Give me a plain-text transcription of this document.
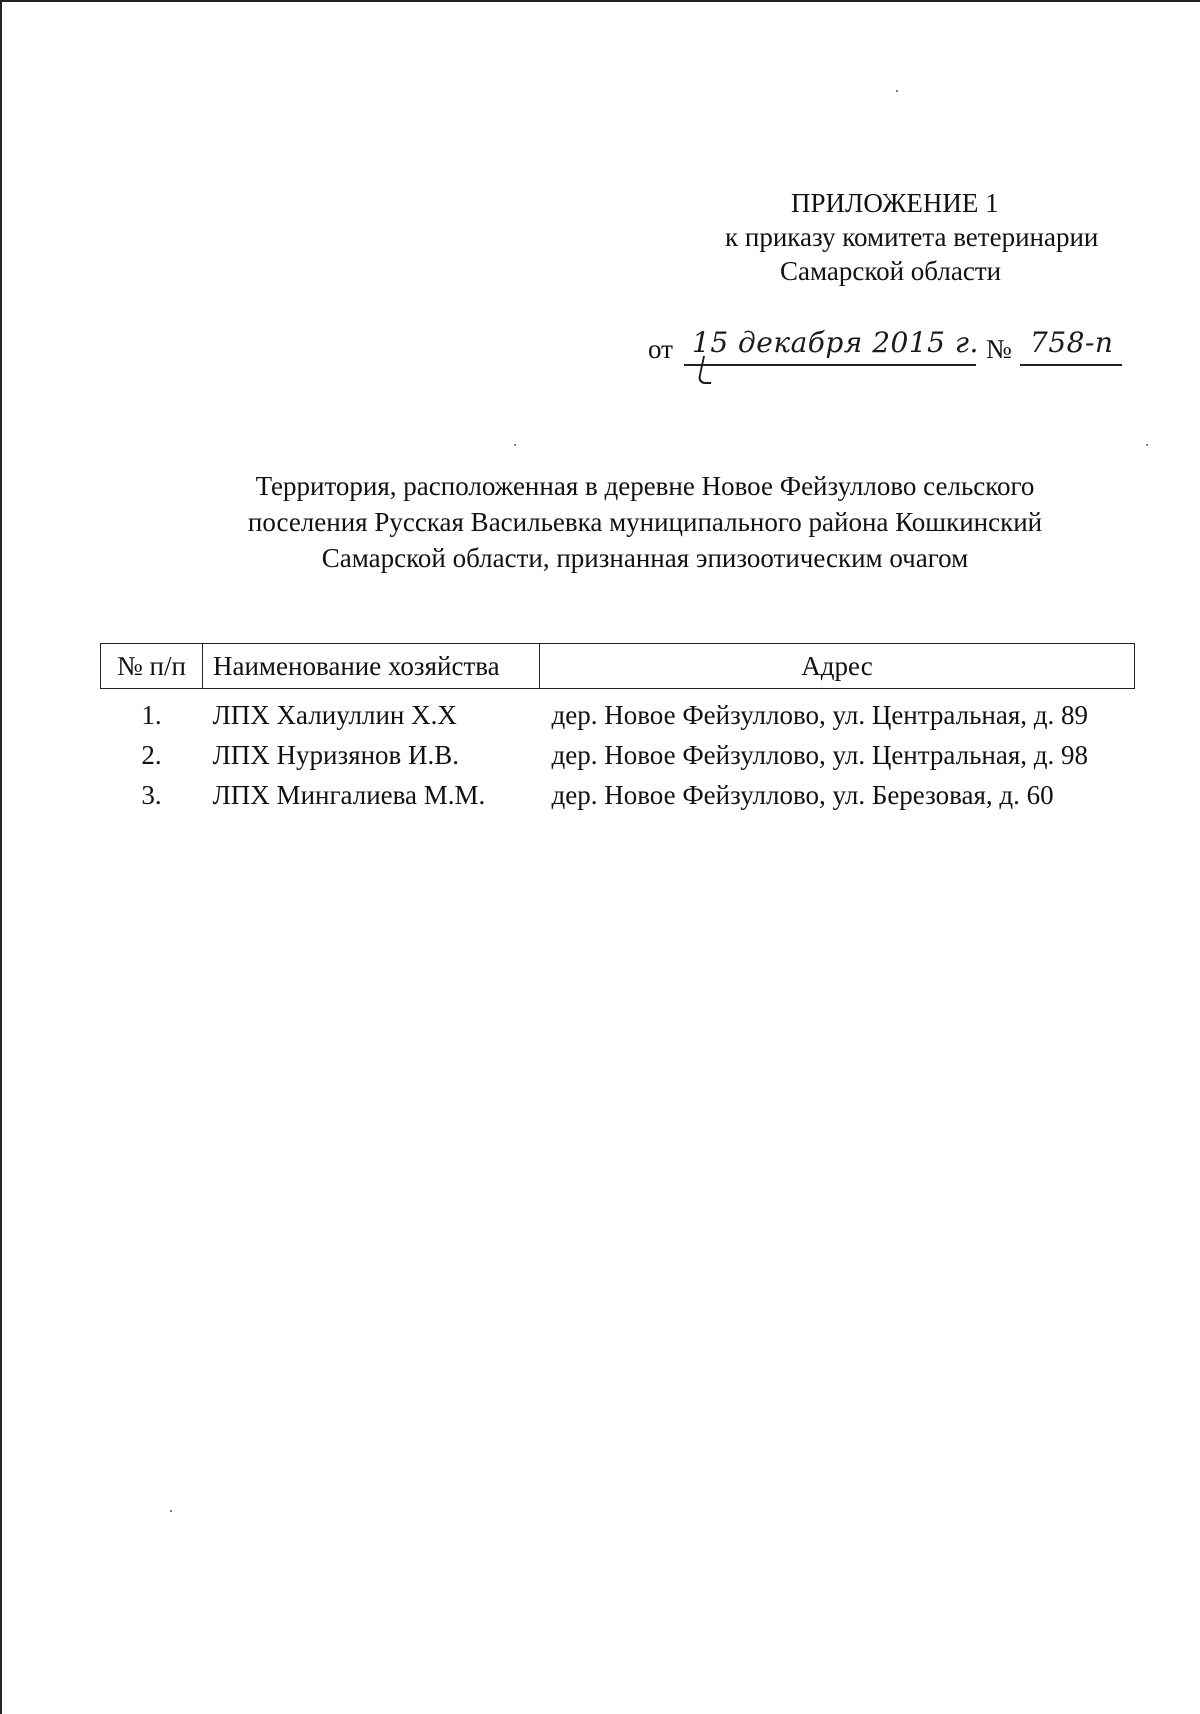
ПРИЛОЖЕНИЕ 1
к приказу комитета ветеринарии
Самарской области
от 15 декабря 2015 г. № 758-п
Территория, расположенная в деревне Новое Фейзуллово сельского
поселения Русская Васильевка муниципального района Кошкинский
Самарской области, признанная эпизоотическим очагом
№ п/п	Наименование хозяйства	Адрес
1.	ЛПХ Халиуллин Х.Х	дер. Новое Фейзуллово, ул. Центральная, д. 89
2.	ЛПХ Нуризянов И.В.	дер. Новое Фейзуллово, ул. Центральная, д. 98
3.	ЛПХ Мингалиева М.М.	дер. Новое Фейзуллово, ул. Березовая, д. 60
